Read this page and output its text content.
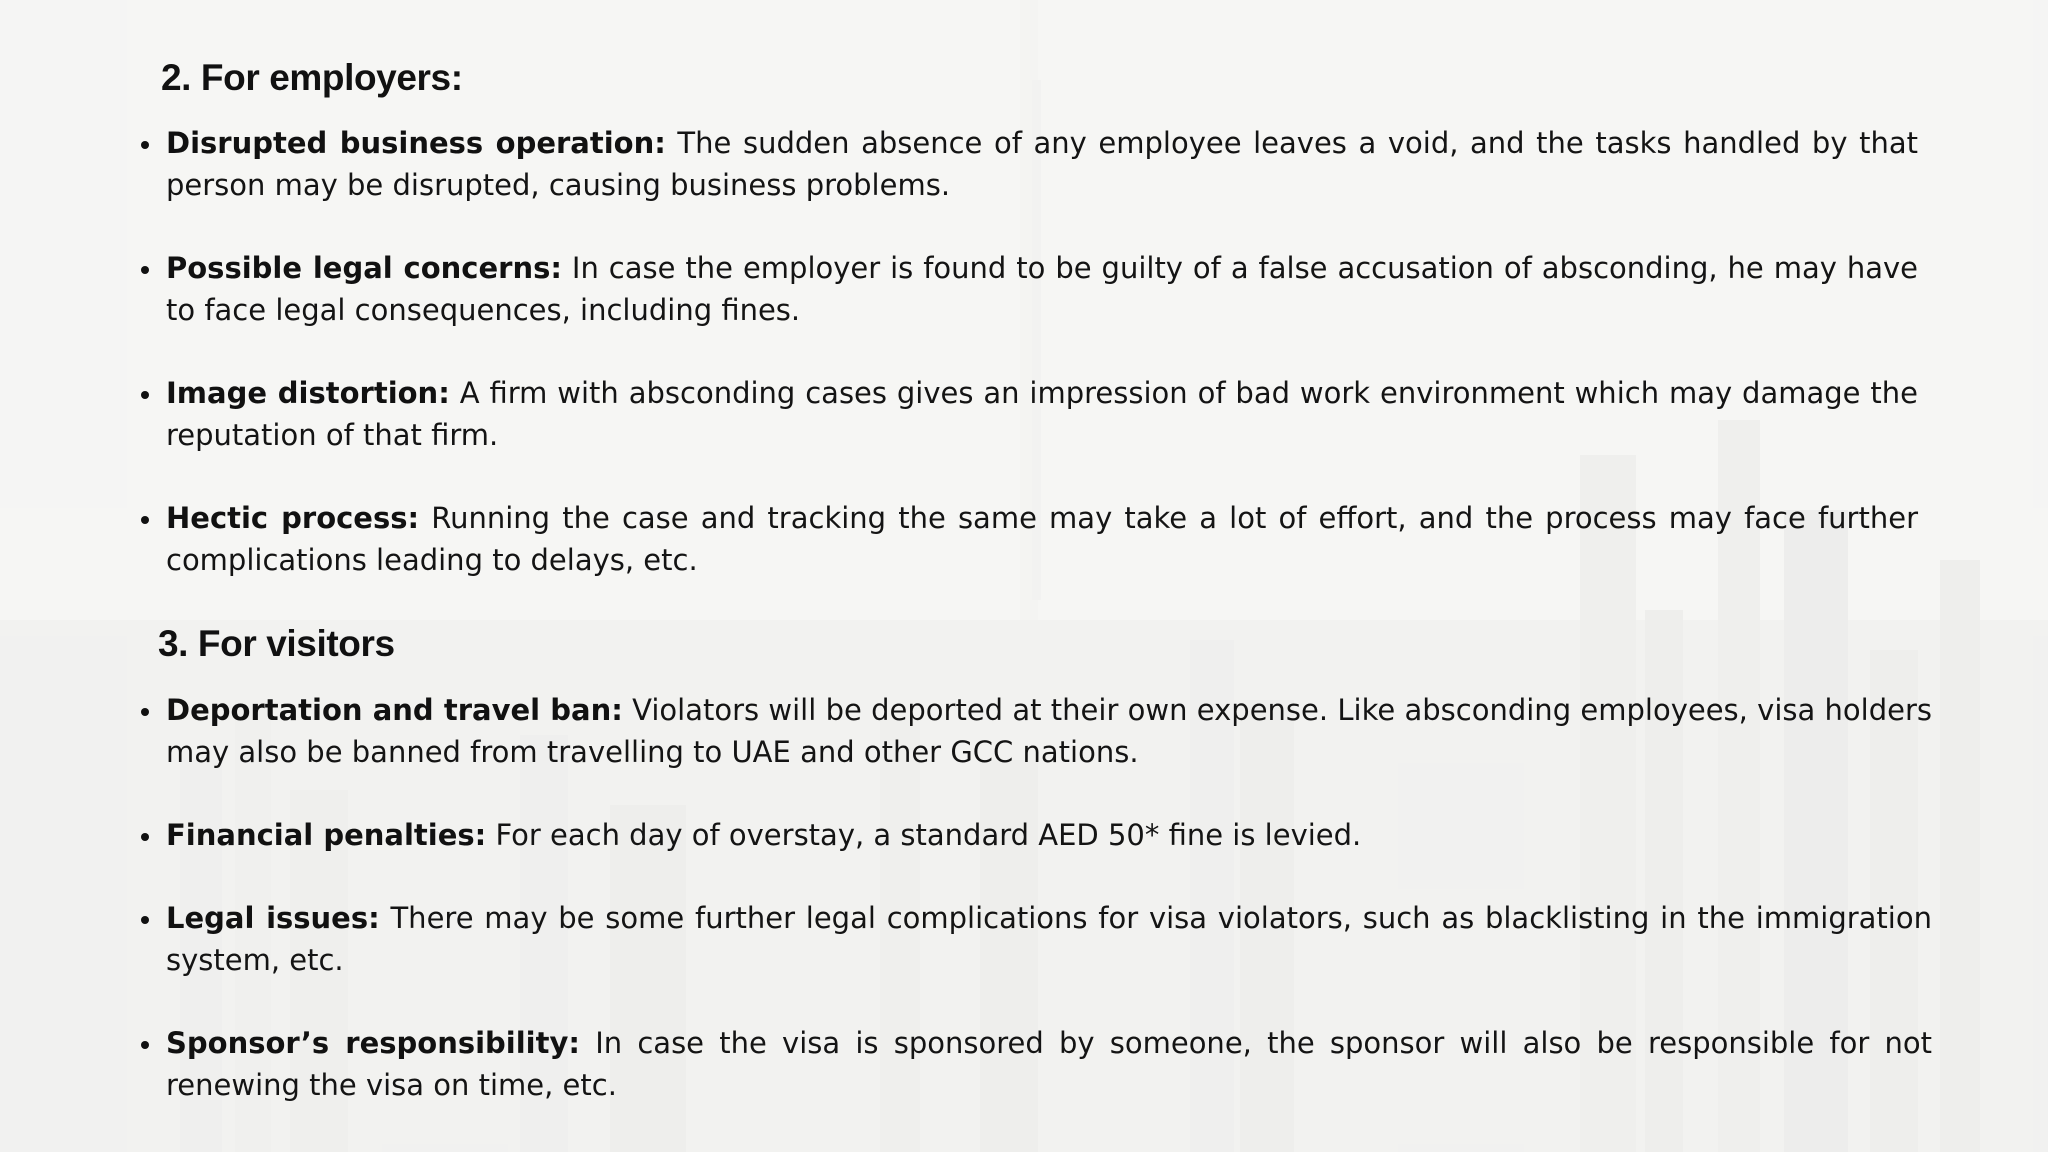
2. For employers:
Disrupted business operation: The sudden absence of any employee leaves a void, and the tasks handled by that person may be disrupted, causing business problems.
Possible legal concerns: In case the employer is found to be guilty of a false accusation of absconding, he may have to face legal consequences, including fines.
Image distortion: A firm with absconding cases gives an impression of bad work environment which may damage the reputation of that firm.
Hectic process: Running the case and tracking the same may take a lot of effort, and the process may face further complications leading to delays, etc.
3. For visitors
Deportation and travel ban: Violators will be deported at their own expense. Like absconding employees, visa holders may also be banned from travelling to UAE and other GCC nations.
Financial penalties: For each day of overstay, a standard AED 50* fine is levied.
Legal issues: There may be some further legal complications for visa violators, such as blacklisting in the immigration system, etc.
Sponsor’s responsibility: In case the visa is sponsored by someone, the sponsor will also be responsible for not renewing the visa on time, etc.
